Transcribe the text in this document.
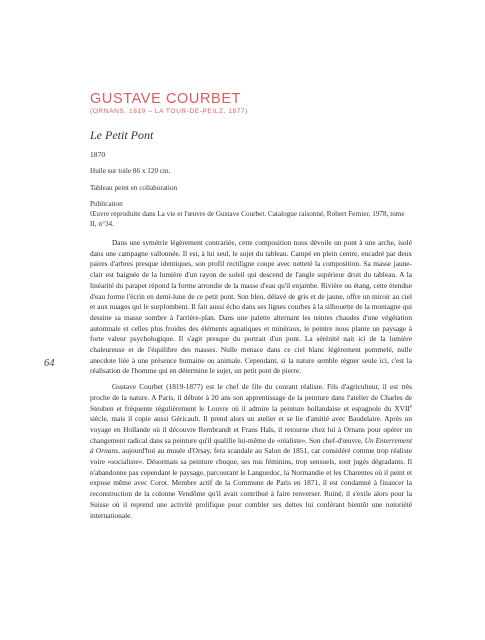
GUSTAVE COURBET
(ORNANS, 1819 – LA TOUR-DE-PEILZ, 1877)
Le Petit Pont
1870
Huile sur toile 86 x 120 cm.
Tableau peint en collaboration
Publication
Œuvre reproduite dans La vie et l'œuvre de Gustave Courbet. Catalogue raisonné, Robert Fernier, 1978, tome II, n°34.
64

Dans une symétrie légèrement contrariée, cette composition nous dévoile un pont à une arche, isolé dans une campagne vallonnée. Il est, à lui seul, le sujet du tableau. Campé en plein centre, encadré par deux paires d'arbres presque identiques, son profil rectiligne coupe avec netteté la composition. Sa masse jaune-clair est baignée de la lumière d'un rayon de soleil qui descend de l'angle supérieur droit du tableau. A la linéarité du parapet répond la forme arrondie de la masse d'eau qu'il enjambe. Rivière ou étang, cette étendue d'eau forme l'écrin en demi-lune de ce petit pont. Son bleu, délavé de gris et de jaune, offre un miroir au ciel et aux nuages qui le surplombent. Il fait aussi écho dans ses lignes courbes à la silhouette de la montagne qui dessine sa masse sombre à l'arrière-plan. Dans une palette alternant les teintes chaudes d'une végétation automnale et celles plus froides des éléments aquatiques et minéraux, le peintre nous plante un paysage à forte valeur psychologique. Il s'agit presque du portrait d'un pont. La sérénité nait ici de la lumière chaleureuse et de l'équilibre des masses. Nulle menace dans ce ciel blanc légèrement pommelé, nulle anecdote liée à une présence humaine ou animale. Cependant, si la nature semble régner seule ici, c'est la réalisation de l'homme qui en détermine le sujet, un petit pont de pierre.

Gustave Courbet (1819-1877) est le chef de file du courant réaliste. Fils d'agriculteur, il est très proche de la nature. A Paris, il débute à 20 ans son apprentissage de la peinture dans l'atelier de Charles de Steuben et fréquente régulièrement le Louvre où il admire la peinture hollandaise et espagnole du XVIIe siècle, mais il copie aussi Géricault. Il prend alors un atelier et se lie d'amitié avec Baudelaire. Après un voyage en Hollande où il découvre Rembrandt et Frans Hals, il retourne chez lui à Ornans pour opérer un changement radical dans sa peinture qu'il qualifie lui-même de «réaliste». Son chef-d'œuvre, Un Enterrement à Ornans, aujourd'hui au musée d'Orsay, fera scandale au Salon de 1851, car considéré comme trop réaliste voire «socialiste». Désormais sa peinture choque, ses nus féminins, trop sensuels, sont jugés dégradants. Il n'abandonne pas cependant le paysage, parcourant le Languedoc, la Normandie et les Charentes où il peint et expose même avec Corot. Membre actif de la Commune de Paris en 1871, il est condamné à financer la reconstruction de la colonne Vendôme qu'il avait contribué à faire renverser. Ruiné, il s'exile alors pour la Suisse où il reprend une activité prolifique pour combler ses dettes lui conférant bientôt une notoriété internationale.
